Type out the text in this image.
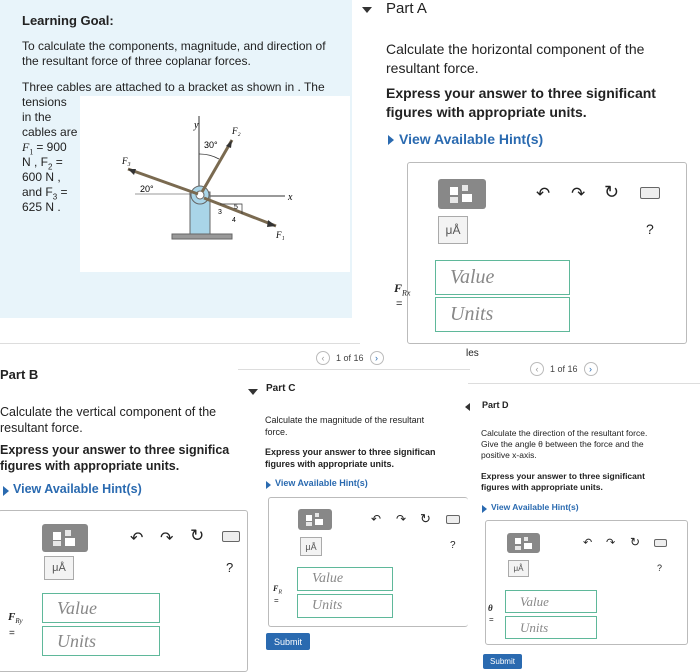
Learning Goal:
To calculate the components, magnitude, and direction of
the resultant force of three coplanar forces.
Three cables are attached to a bracket as shown in . The
tensions
in the
cables are
$F_1 = 900$
N , $F_2$ =
600 N ,
and $F_3$ =
625 N .
y
x
F₂
30°
F₃
20°
F₁
5
3
4
Part A
Calculate the horizontal component of the
resultant force.
Express your answer to three significant
figures with appropriate units.
View Available Hint(s)
μÅ
↶ ↷ ↻
?
$F_{Rx}$
=
Value
Units
‹	1 of 16	›	les
‹	1 of 16	›
Part B
Calculate the vertical component of the
resultant force.
Express your answer to three significa
figures with appropriate units.
View Available Hint(s)
μÅ
↶ ↷ ↻
?
$F_{Ry}$
=
Value
Units
Part C
Calculate the magnitude of the resultant
force.
Express your answer to three significan
figures with appropriate units.
View Available Hint(s)
μÅ
↶ ↷ ↻
?
$F_R$
=
Value
Units
Submit
Part D
Calculate the direction of the resultant force.
Give the angle θ between the force and the
positive x-axis.
Express your answer to three significant
figures with appropriate units.
View Available Hint(s)
μÅ
↶ ↷ ↻
?
θ
=
Value
Units
Submit
